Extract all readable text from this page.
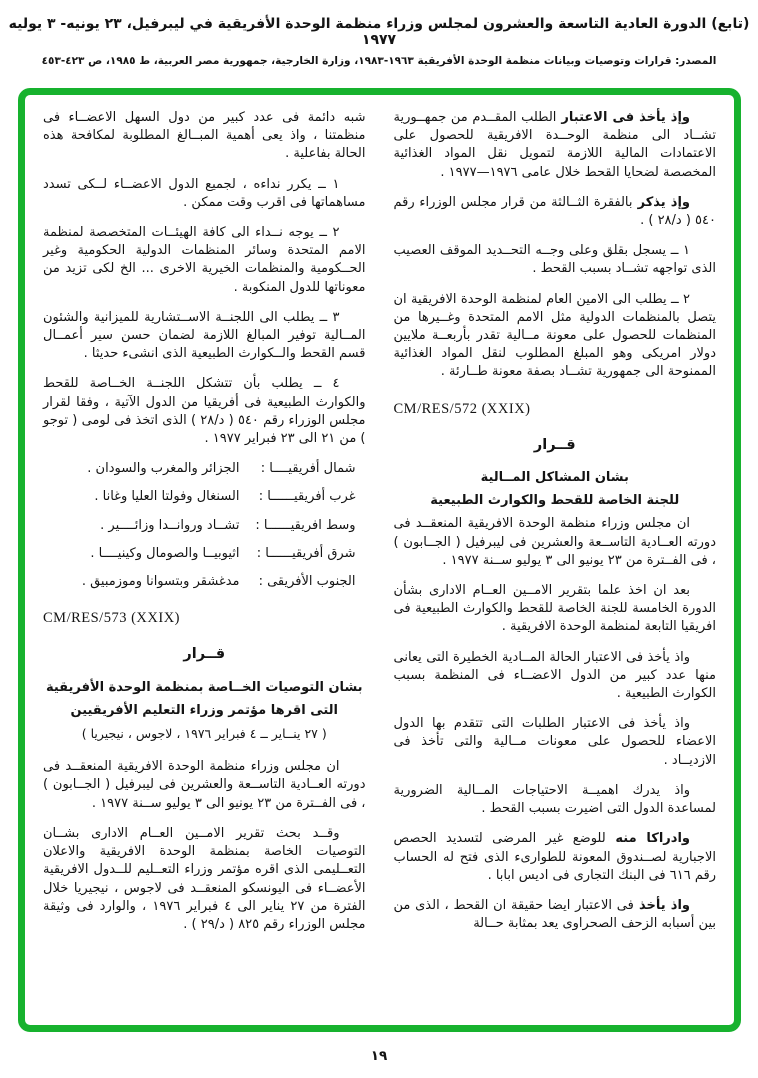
(تابع) الدورة العادية التاسعة والعشرون لمجلس وزراء منظمة الوحدة الأفريقية في ليبرفيل، ٢٣ يونيه- ٣ يوليه ١٩٧٧
المصدر: قرارات وتوصيات وبيانات منظمة الوحدة الأفريقية ١٩٦٣-١٩٨٣، وزارة الخارجية، جمهورية مصر العربية، ط ١٩٨٥، ص ٤٢٣-٤٥٣
وإذ يأخذ فى الاعتبار الطلب المقــدم من جمهــورية تشــاد الى منظمة الوحــدة الافريقية للحصول على الاعتمادات المالية اللازمة لتمويل نقل المواد الغذائية المخصصة لضحايا القحط خلال عامى ١٩٧٦—١٩٧٧ .
وإذ يذكر بالفقرة الثــالثة من قرار مجلس الوزراء رقم ٥٤٠ ( د/٢٨ ) .
١ ــ يسجل بقلق وعلى وجــه التحــديد الموقف العصيب الذى تواجهه تشــاد بسبب القحط .
٢ ــ يطلب الى الامين العام لمنظمة الوحدة الافريقية ان يتصل بالمنظمات الدولية مثل الامم المتحدة وغــيرها من المنظمات للحصول على معونة مــالية تقدر بأربعــة ملايين دولار امريكى وهو المبلغ المطلوب لنقل المواد الغذائية الممنوحة الى جمهورية تشــاد بصفة معونة طــارئة .
CM/RES/572 (XXIX)
قــرار
بشان المشاكل المــالية
للجنة الخاصة للقحط والكوارث الطبيعية
ان مجلس وزراء منظمة الوحدة الافريقية المنعقــد فى دورته العــادية التاســعة والعشرين فى ليبرفيل ( الجــابون ) ، فى الفــترة من ٢٣ يونيو الى ٣ يوليو ســنة ١٩٧٧ .
بعد ان اخذ علما بتقرير الامــين العــام الادارى بشأن الدورة الخامسة للجنة الخاصة للقحط والكوارث الطبيعية فى افريقيا التابعة لمنظمة الوحدة الافريقية .
واذ يأخذ فى الاعتبار الحالة المــادية الخطيرة التى يعانى منها عدد كبير من الدول الاعضــاء فى المنظمة بسبب الكوارث الطبيعية .
واذ يأخذ فى الاعتبار الطلبات التى تتقدم بها الدول الاعضاء للحصول على معونات مــالية والتى تأخذ فى الازديــاد .
واذ يدرك اهميــة الاحتياجات المــالية الضرورية لمساعدة الدول التى اضيرت بسبب القحط .
وادراكا منه للوضع غير المرضى لتسديد الحصص الاجبارية لصــندوق المعونة للطوارىء الذى فتح له الحساب رقم ٦١٦ فى البنك التجارى فى اديس ابابا .
واذ يأخذ فى الاعتبار ايضا حقيقة ان القحط ، الذى من بين أسبابه الزحف الصحراوى يعد بمثابة حــالة
شبه دائمة فى عدد كبير من دول السهل الاعضــاء فى منظمتنا ، واذ يعى أهمية المبــالغ المطلوبة لمكافحة هذه الحالة بفاعلية .
١ ــ يكرر نداءه ، لجميع الدول الاعضــاء لــكى تسدد مساهماتها فى اقرب وقت ممكن .
٢ ــ يوجه نــداء الى كافة الهيئــات المتخصصة لمنظمة الامم المتحدة وسائر المنظمات الدولية الحكومية وغير الحــكومية والمنظمات الخيرية الاخرى ... الخ لكى تزيد من معوناتها للدول المنكوبة .
٣ ــ يطلب الى اللجنــة الاســتشارية للميزانية والشئون المــالية توفير المبالغ اللازمة لضمان حسن سير أعمــال قسم القحط والــكوارث الطبيعية الذى انشىء حديثا .
٤ ــ يطلب بأن تتشكل اللجنــة الخــاصة للقحط والكوارث الطبيعية فى أفريقيا من الدول الآتية ، وفقا لقرار مجلس الوزراء رقم ٥٤٠ ( د/٢٨ ) الذى اتخذ فى لومى ( توجو ) من ٢١ الى ٢٣ فبراير ١٩٧٧ .
شمال أفريقيــــا :الجزائر والمغرب والسودان .
غرب أفريقيــــــا :السنغال وفولتا العليا وغانا .
وسط افريقيــــــا :تشــاد وروانــدا وزائــــير .
شرق أفريقيــــــا :اثيوبيــا والصومال وكينيــــا .
الجنوب الأفريقى :مدغشقر وبتسوانا وموزمبيق .
CM/RES/573 (XXIX)
قــرار
بشان التوصيات الخــاصة بمنظمة الوحدة الأفريقية
التى اقرها مؤتمر وزراء التعليم الأفريقيين
( ٢٧ ينــاير ــ ٤ فبراير ١٩٧٦ ، لاجوس ، نيجيريا )
ان مجلس وزراء منظمة الوحدة الافريقية المنعقــد فى دورته العــادية التاســعة والعشرين فى ليبرفيل ( الجــابون ) ، فى الفــترة من ٢٣ يونيو الى ٣ يوليو ســنة ١٩٧٧ .
وقــد بحث تقرير الامــين العــام الادارى بشــان التوصيات الخاصة بمنظمة الوحدة الافريقية والاعلان التعــليمى الذى اقره مؤتمر وزراء التعــليم للــدول الافريقية الأعضــاء فى اليونسكو المنعقــد فى لاجوس ، نيجيريا خلال الفترة من ٢٧ يناير الى ٤ فبراير ١٩٧٦ ، والوارد فى وثيقة مجلس الوزراء رقم ٨٢٥ ( د/٢٩ ) .
١٩
